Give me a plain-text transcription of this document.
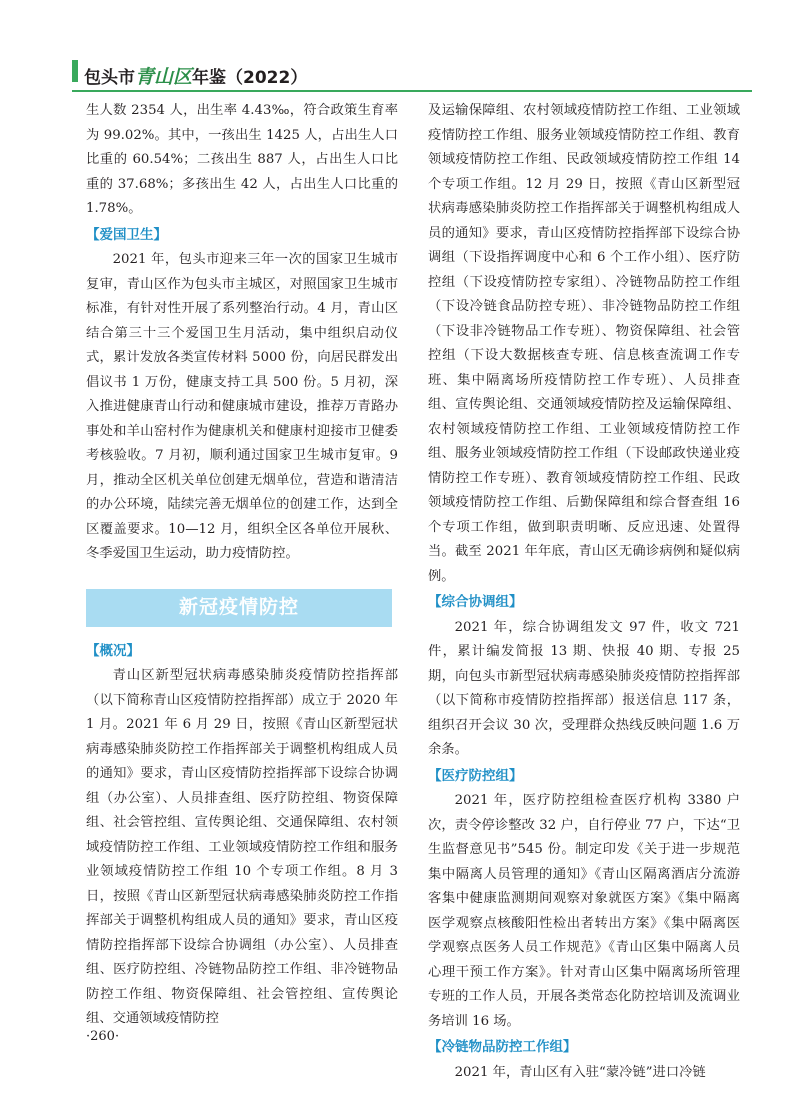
包头市青山区年鉴（2022）

生人数 2354 人，出生率 4.43‰，符合政策生育率为 99.02%。其中，一孩出生 1425 人，占出生人口比重的 60.54%；二孩出生 887 人，占出生人口比重的 37.68%；多孩出生 42 人，占出生人口比重的 1.78%。

【爱国卫生】

2021 年，包头市迎来三年一次的国家卫生城市复审，青山区作为包头市主城区，对照国家卫生城市标准，有针对性开展了系列整治行动。4 月，青山区结合第三十三个爱国卫生月活动，集中组织启动仪式，累计发放各类宣传材料 5000 份，向居民群发出倡议书 1 万份，健康支持工具 500 份。5 月初，深入推进健康青山行动和健康城市建设，推荐万青路办事处和羊山窑村作为健康机关和健康村迎接市卫健委考核验收。7 月初，顺利通过国家卫生城市复审。9 月，推动全区机关单位创建无烟单位，营造和谐清洁的办公环境，陆续完善无烟单位的创建工作，达到全区覆盖要求。10—12 月，组织全区各单位开展秋、冬季爱国卫生运动，助力疫情防控。

新冠疫情防控
【概况】

青山区新型冠状病毒感染肺炎疫情防控指挥部（以下简称青山区疫情防控指挥部）成立于 2020 年 1 月。2021 年 6 月 29 日，按照《青山区新型冠状病毒感染肺炎防控工作指挥部关于调整机构组成人员的通知》要求，青山区疫情防控指挥部下设综合协调组（办公室）、人员排查组、医疗防控组、物资保障组、社会管控组、宣传舆论组、交通保障组、农村领域疫情防控工作组、工业领域疫情防控工作组和服务业领域疫情防控工作组 10 个专项工作组。8 月 3 日，按照《青山区新型冠状病毒感染肺炎防控工作指挥部关于调整机构组成人员的通知》要求，青山区疫情防控指挥部下设综合协调组（办公室）、人员排查组、医疗防控组、冷链物品防控工作组、非冷链物品防控工作组、物资保障组、社会管控组、宣传舆论组、交通领域疫情防控

及运输保障组、农村领域疫情防控工作组、工业领域疫情防控工作组、服务业领域疫情防控工作组、教育领域疫情防控工作组、民政领域疫情防控工作组 14 个专项工作组。12 月 29 日，按照《青山区新型冠状病毒感染肺炎防控工作指挥部关于调整机构组成人员的通知》要求，青山区疫情防控指挥部下设综合协调组（下设指挥调度中心和 6 个工作小组）、医疗防控组（下设疫情防控专家组）、冷链物品防控工作组（下设冷链食品防控专班）、非冷链物品防控工作组（下设非冷链物品工作专班）、物资保障组、社会管控组（下设大数据核查专班、信息核查流调工作专班、集中隔离场所疫情防控工作专班）、人员排查组、宣传舆论组、交通领域疫情防控及运输保障组、农村领域疫情防控工作组、工业领域疫情防控工作组、服务业领域疫情防控工作组（下设邮政快递业疫情防控工作专班）、教育领域疫情防控工作组、民政领域疫情防控工作组、后勤保障组和综合督查组 16 个专项工作组，做到职责明晰、反应迅速、处置得当。截至 2021 年年底，青山区无确诊病例和疑似病例。

【综合协调组】

2021 年，综合协调组发文 97 件，收文 721 件，累计编发简报 13 期、快报 40 期、专报 25 期，向包头市新型冠状病毒感染肺炎疫情防控指挥部（以下简称市疫情防控指挥部）报送信息 117 条，组织召开会议 30 次，受理群众热线反映问题 1.6 万余条。

【医疗防控组】

2021 年，医疗防控组检查医疗机构 3380 户次，责令停诊整改 32 户，自行停业 77 户，下达“卫生监督意见书”545 份。制定印发《关于进一步规范集中隔离人员管理的通知》《青山区隔离酒店分流游客集中健康监测期间观察对象就医方案》《集中隔离医学观察点核酸阳性检出者转出方案》《集中隔离医学观察点医务人员工作规范》《青山区集中隔离人员心理干预工作方案》。针对青山区集中隔离场所管理专班的工作人员，开展各类常态化防控培训及流调业务培训 16 场。

【冷链物品防控工作组】

2021 年，青山区有入驻“蒙冷链”进口冷链

·260·
